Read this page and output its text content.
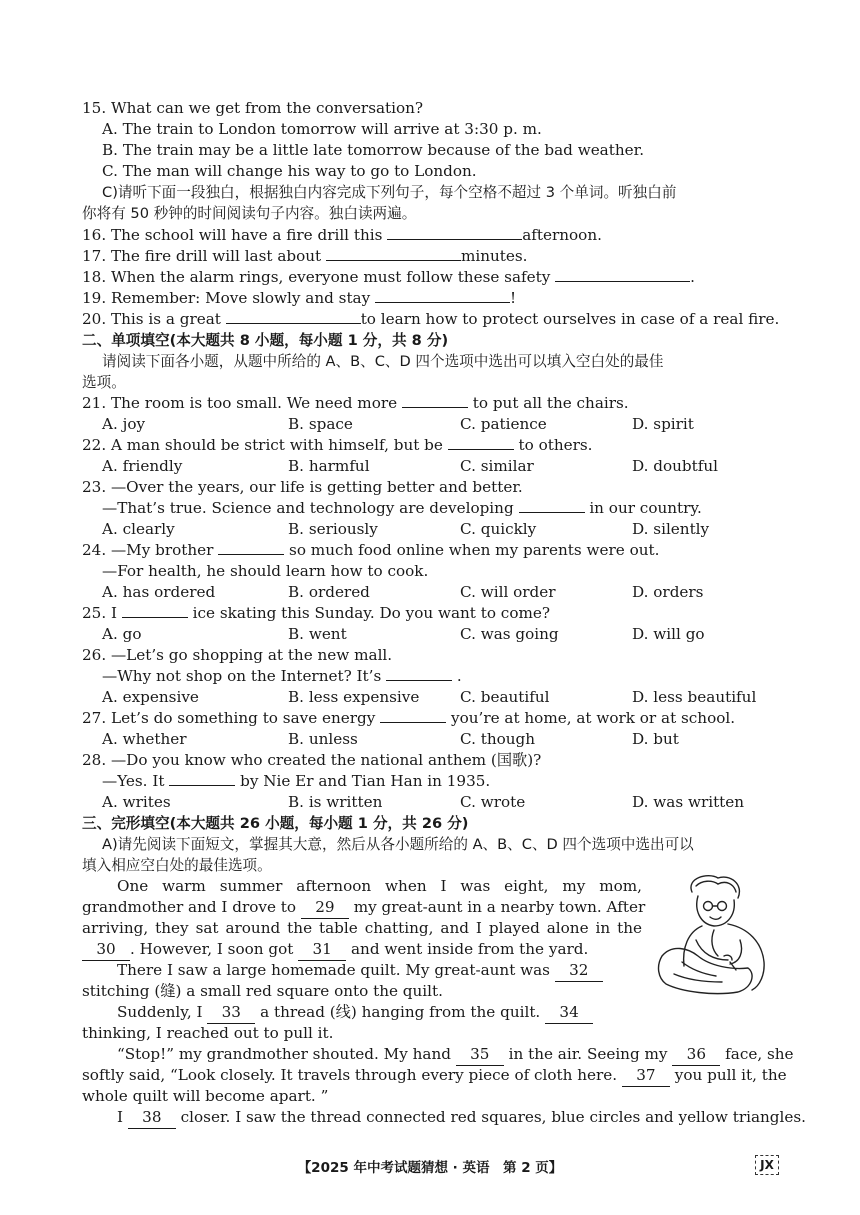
15. What can we get from the conversation?
A. The train to London tomorrow will arrive at 3:30 p. m.
B. The train may be a little late tomorrow because of the bad weather.
C. The man will change his way to go to London.
C)请听下面一段独白，根据独白内容完成下列句子，每个空格不超过 3 个单词。听独白前
你将有 50 秒钟的时间阅读句子内容。独白读两遍。
16. The school will have a fire drill this	afternoon.
17. The fire drill will last about	minutes.
18. When the alarm rings, everyone must follow these safety	.
19. Remember: Move slowly and stay	!
20. This is a great	to learn how to protect ourselves in case of a real fire.
二、单项填空(本大题共 8 小题，每小题 1 分，共 8 分)
请阅读下面各小题，从题中所给的 A、B、C、D 四个选项中选出可以填入空白处的最佳
选项。
21. The room is too small. We need more	to put all the chairs.
A. joy	B. space	C. patience	D. spirit
22. A man should be strict with himself, but be	to others.
A. friendly	B. harmful	C. similar	D. doubtful
23. —Over the years, our life is getting better and better.
—That’s true. Science and technology are developing	in our country.
A. clearly	B. seriously	C. quickly	D. silently
24. —My brother	so much food online when my parents were out.
—For health, he should learn how to cook.
A. has ordered	B. ordered	C. will order	D. orders
25. I	ice skating this Sunday. Do you want to come?
A. go	B. went	C. was going	D. will go
26. —Let’s go shopping at the new mall.
—Why not shop on the Internet? It’s	.
A. expensive	B. less expensive	C. beautiful	D. less beautiful
27. Let’s do something to save energy	you’re at home, at work or at school.
A. whether	B. unless	C. though	D. but
28. —Do you know who created the national anthem (国歌)?
—Yes. It	by Nie Er and Tian Han in 1935.
A. writes	B. is written	C. wrote	D. was written
三、完形填空(本大题共 26 小题，每小题 1 分，共 26 分)
A)请先阅读下面短文，掌握其大意，然后从各小题所给的 A、B、C、D 四个选项中选出可以
填入相应空白处的最佳选项。
One warm summer afternoon when I was eight, my mom,
grandmother and I drove to 29 my great-aunt in a nearby town. After
arriving, they sat around the table chatting, and I played alone in the
30 . However, I soon got 31 and went inside from the yard.
There I saw a large homemade quilt. My great-aunt was 32
stitching (缝) a small red square onto the quilt.
Suddenly, I 33 a thread (线) hanging from the quilt. 34
thinking, I reached out to pull it.
“Stop!” my grandmother shouted. My hand 35 in the air. Seeing my 36 face, she
softly said, “Look closely. It travels through every piece of cloth here. 37 you pull it, the
whole quilt will become apart. ”
I 38 closer. I saw the thread connected red squares, blue circles and yellow triangles.
【2025 年中考试题猜想 · 英语　第 2 页】	JX
